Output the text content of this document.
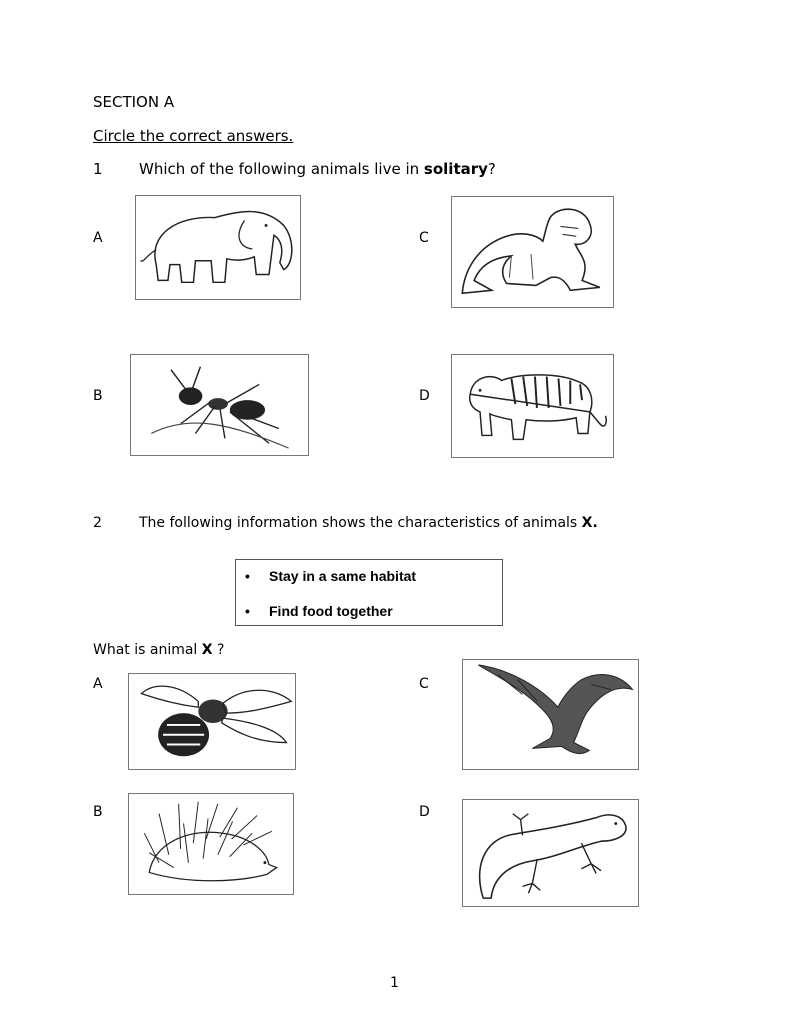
SECTION A
Circle the correct answers.
1 Which of the following animals live in solitary?
A	C
B	D
2	The following information shows the characteristics of animals X.
• Stay in a same habitat
• Find food together
What is animal X ?
A	C
B	D
1
